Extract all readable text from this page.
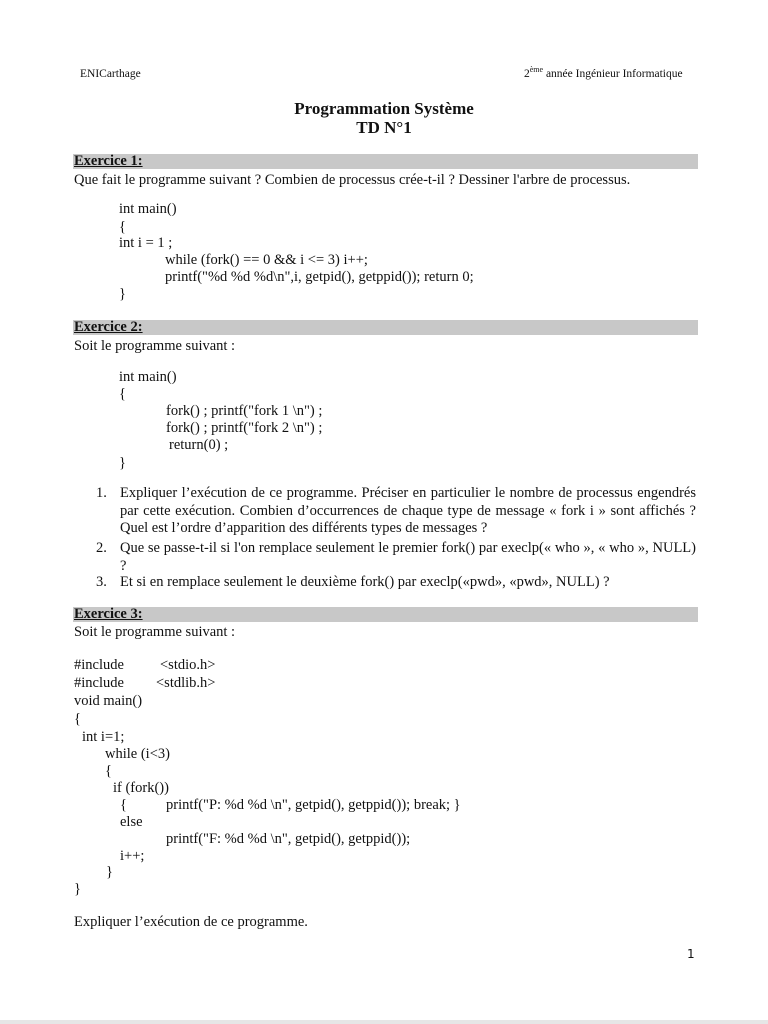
ENICarthage	2ème année Ingénieur Informatique
Programmation Système
TD N°1
Exercice 1:
Que fait le programme suivant ? Combien de processus crée-t-il ? Dessiner l'arbre de processus.
int main()
{
int i = 1 ;
while (fork() == 0 && i <= 3) i++;
printf("%d %d %d\n",i, getpid(), getppid()); return 0;
}
Exercice 2:
Soit le programme suivant :
int main()
{
fork() ; printf("fork 1 \n") ;
fork() ; printf("fork 2 \n") ;
return(0) ;
}
1. Expliquer l’exécution de ce programme. Préciser en particulier le nombre de processus engendrés par cette exécution. Combien d’occurrences de chaque type de message « fork i » sont affichés ? Quel est l’ordre d’apparition des différents types de messages ?
2. Que se passe-t-il si l'on remplace seulement le premier fork() par execlp(« who », « who », NULL) ?
3. Et si en remplace seulement le deuxième fork() par execlp(«pwd», «pwd», NULL) ?
Exercice 3:
Soit le programme suivant :
#include <stdio.h>
#include <stdlib.h>
void main()
{
int i=1;
while (i<3)
{
if (fork())
{	printf("P: %d %d \n", getpid(), getppid()); break; }
else
printf("F: %d %d \n", getpid(), getppid());
i++;
}
}
Expliquer l’exécution de ce programme.
1
